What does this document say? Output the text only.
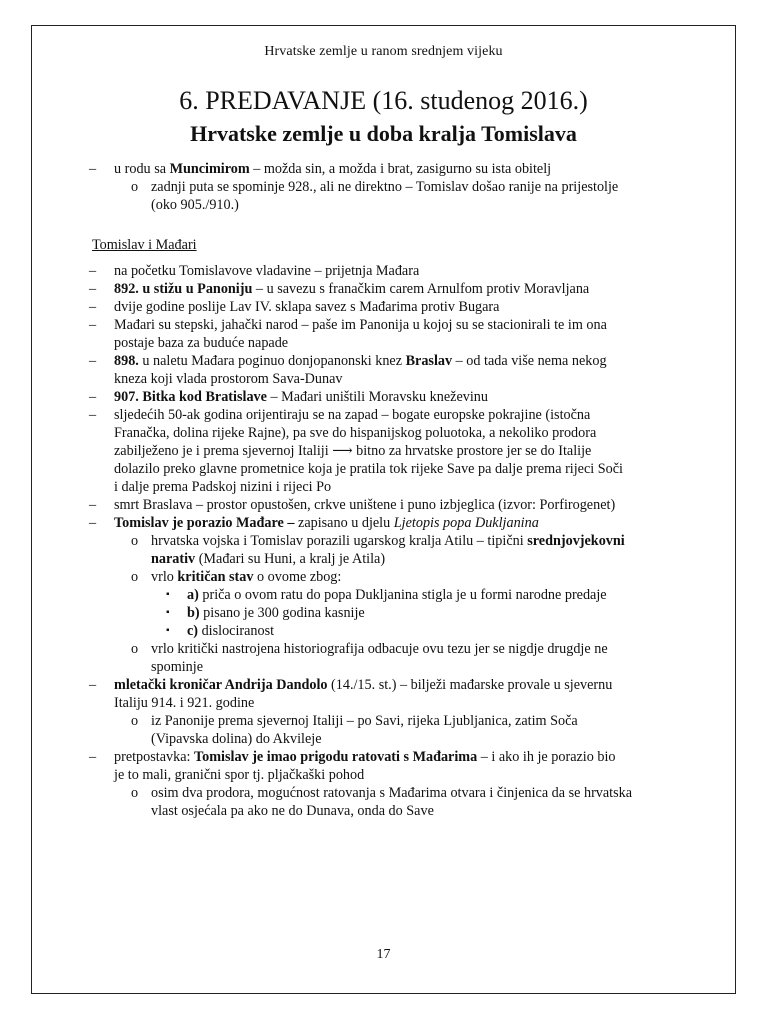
Hrvatske zemlje u ranom srednjem vijeku
6. PREDAVANJE (16. studenog 2016.)
Hrvatske zemlje u doba kralja Tomislava
– u rodu sa Muncimirom – možda sin, a možda i brat, zasigurno su ista obitelj
o zadnji puta se spominje 928., ali ne direktno – Tomislav došao ranije na prijestolje
(oko 905./910.)
Tomislav i Mađari
– na početku Tomislavove vladavine – prijetnja Mađara
– 892. u stižu u Panoniju – u savezu s franačkim carem Arnulfom protiv Moravljana
– dvije godine poslije Lav IV. sklapa savez s Mađarima protiv Bugara
– Mađari su stepski, jahački narod – paše im Panonija u kojoj su se stacionirali te im ona
postaje baza za buduće napade
– 898. u naletu Mađara poginuo donjopanonski knez Braslav – od tada više nema nekog
kneza koji vlada prostorom Sava-Dunav
– 907. Bitka kod Bratislave – Mađari uništili Moravsku kneževinu
– sljedećih 50-ak godina orijentiraju se na zapad – bogate europske pokrajine (istočna
Franačka, dolina rijeke Rajne), pa sve do hispanijskog poluotoka, a nekoliko prodora
zabilježeno je i prema sjevernoj Italiji ⟶ bitno za hrvatske prostore jer se do Italije
dolazilo preko glavne prometnice koja je pratila tok rijeke Save pa dalje prema rijeci Soči
i dalje prema Padskoj nizini i rijeci Po
– smrt Braslava – prostor opustošen, crkve uništene i puno izbjeglica (izvor: Porfirogenet)
– Tomislav je porazio Mađare – zapisano u djelu Ljetopis popa Dukljanina
o hrvatska vojska i Tomislav porazili ugarskog kralja Atilu – tipični srednjovjekovni
narativ (Mađari su Huni, a kralj je Atila)
o vrlo kritičan stav o ovome zbog:
▪ a) priča o ovom ratu do popa Dukljanina stigla je u formi narodne predaje
▪ b) pisano je 300 godina kasnije
▪ c) dislociranost
o vrlo kritički nastrojena historiografija odbacuje ovu tezu jer se nigdje drugdje ne
spominje
– mletački kroničar Andrija Dandolo (14./15. st.) – bilježi mađarske provale u sjevernu
Italiju 914. i 921. godine
o iz Panonije prema sjevernoj Italiji – po Savi, rijeka Ljubljanica, zatim Soča
(Vipavska dolina) do Akvileje
– pretpostavka: Tomislav je imao prigodu ratovati s Mađarima – i ako ih je porazio bio
je to mali, granični spor tj. pljačkaški pohod
o osim dva prodora, mogućnost ratovanja s Mađarima otvara i činjenica da se hrvatska
vlast osjećala pa ako ne do Dunava, onda do Save
17
